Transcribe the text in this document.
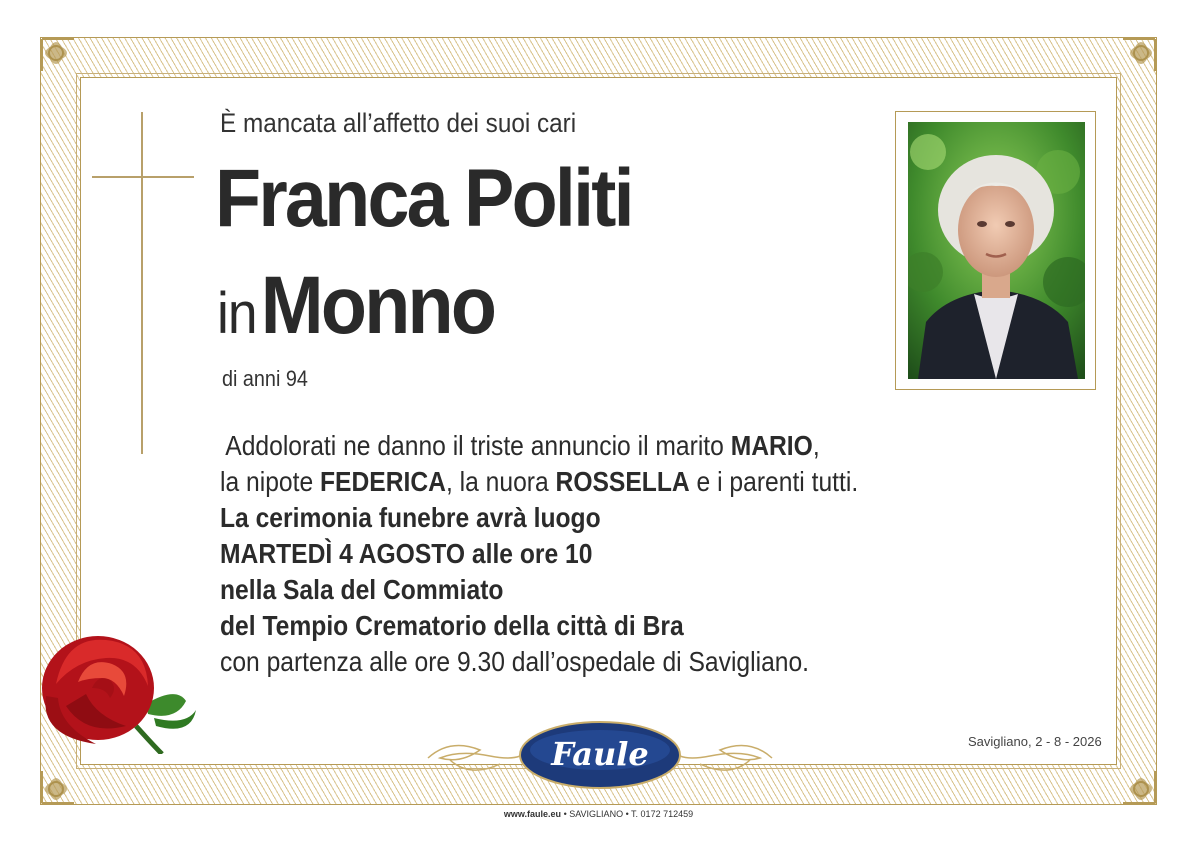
È mancata all’affetto dei suoi cari
Franca Politi
in Monno
di anni 94
Addolorati ne danno il triste annuncio il marito MARIO,
la nipote FEDERICA, la nuora ROSSELLA e i parenti tutti.
La cerimonia funebre avrà luogo
MARTEDÌ 4 AGOSTO alle ore 10
nella Sala del Commiato
del Tempio Crematorio della città di Bra
con partenza alle ore 9.30 dall’ospedale di Savigliano.
Savigliano, 2 - 8 - 2026
Faule
www.faule.eu • SAVIGLIANO • T. 0172 712459
